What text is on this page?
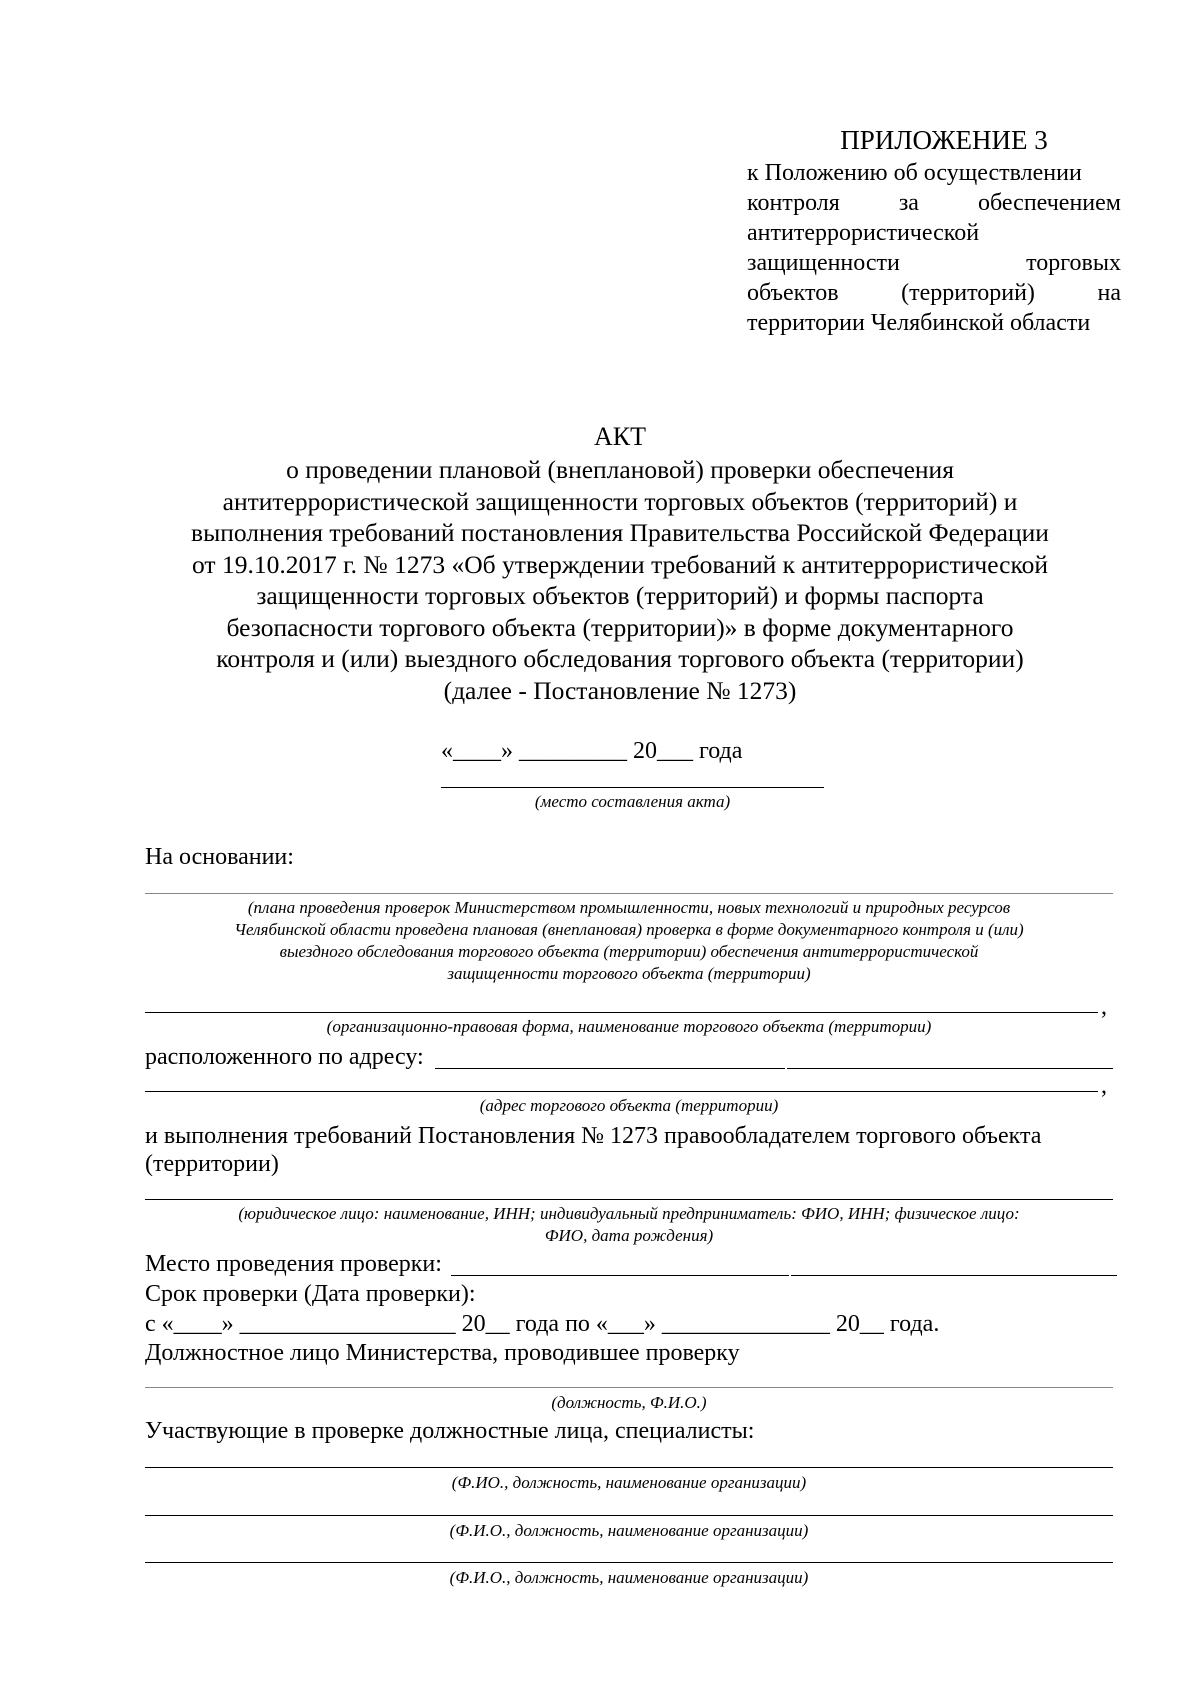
ПРИЛОЖЕНИЕ 3
к Положению об осуществлении
контроля за обеспечением
антитеррористической
защищенности	торговых
объектов	(территорий)	на
территории Челябинской области
АКТ
о проведении плановой (внеплановой) проверки обеспечения
антитеррористической защищенности торговых объектов (территорий) и
выполнения требований постановления Правительства Российской Федерации
от 19.10.2017 г. № 1273 «Об утверждении требований к антитеррористической
защищенности торговых объектов (территорий) и формы паспорта
безопасности торгового объекта (территории)» в форме документарного
контроля и (или) выездного обследования торгового объекта (территории)
(далее - Постановление № 1273)
«____» _________ 20___ года
(место составления акта)
На основании:
(плана проведения проверок Министерством промышленности, новых технологий и природных ресурсов
Челябинской области проведена плановая (внеплановая) проверка в форме документарного контроля и (или)
выездного обследования торгового объекта (территории) обеспечения антитеррористической
защищенности торгового объекта (территории)
,
(организационно-правовая форма, наименование торгового объекта (территории)
расположенного по адресу:
,
(адрес торгового объекта (территории)
и выполнения требований Постановления № 1273 правообладателем торгового объекта
(территории)
(юридическое лицо: наименование, ИНН; индивидуальный предприниматель: ФИО, ИНН; физическое лицо:
ФИО, дата рождения)
Место проведения проверки:
Срок проверки (Дата проверки):
с «____» __________________ 20__ года по «___» ______________ 20__ года.
Должностное лицо Министерства, проводившее проверку
(должность, Ф.И.О.)
Участвующие в проверке должностные лица, специалисты:
(Ф.ИО., должность, наименование организации)
(Ф.И.О., должность, наименование организации)
(Ф.И.О., должность, наименование организации)
